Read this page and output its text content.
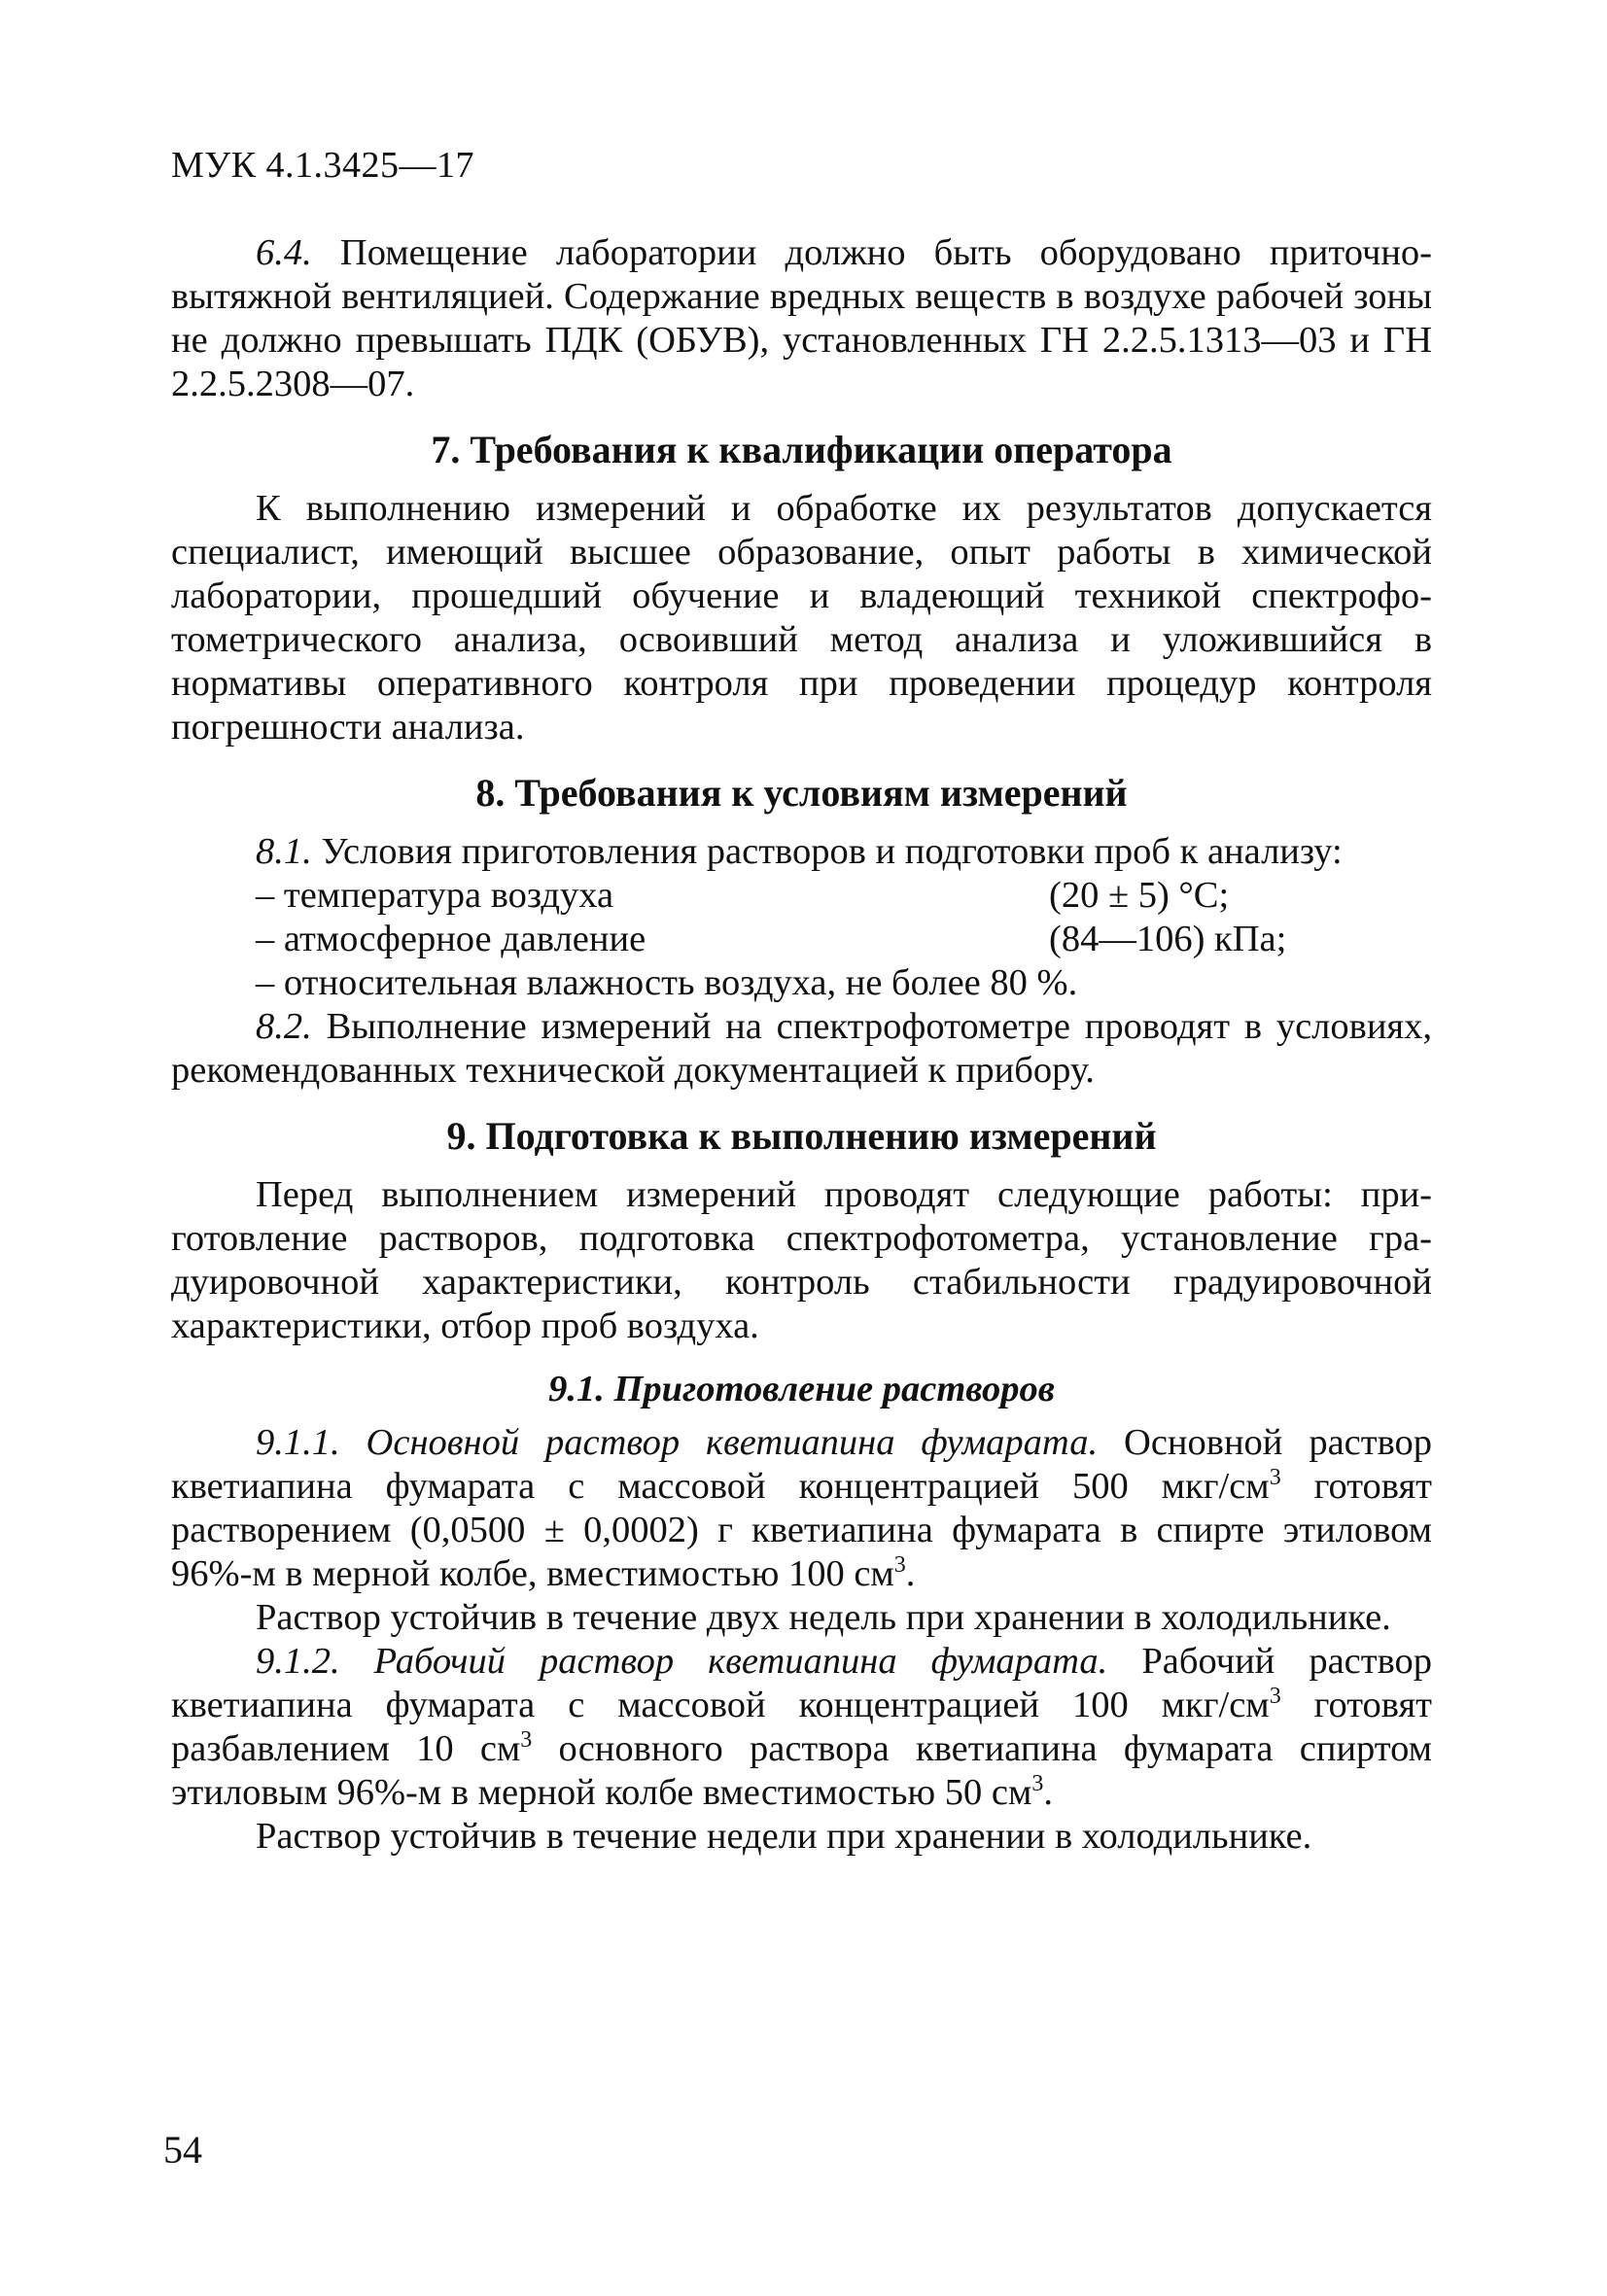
МУК 4.1.3425—17

6.4. Помещение лаборатории должно быть оборудовано приточно-вытяжной вентиляцией. Содержание вредных веществ в воздухе рабочей зоны не должно превышать ПДК (ОБУВ), установленных ГН 2.2.5.1313—03 и ГН 2.2.5.2308—07.

7. Требования к квалификации оператора

К выполнению измерений и обработке их результатов допускается специалист, имеющий высшее образование, опыт работы в химической лаборатории, прошедший обучение и владеющий техникой спектрофотометрического анализа, освоивший метод анализа и уложившийся в нормативы оперативного контроля при проведении процедур контроля погрешности анализа.

8. Требования к условиям измерений

8.1. Условия приготовления растворов и подготовки проб к анализу:

– температура воздуха	(20 ± 5) °С;
– атмосферное давление	(84—106) кПа;
– относительная влажность воздуха, не более
80 %.

8.2. Выполнение измерений на спектрофотометре проводят в условиях, рекомендованных технической документацией к прибору.

9. Подготовка к выполнению измерений

Перед выполнением измерений проводят следующие работы: приготовление растворов, подготовка спектрофотометра, установление градуировочной характеристики, контроль стабильности градуировочной характеристики, отбор проб воздуха.

9.1. Приготовление растворов

9.1.1. Основной раствор кветиапина фумарата. Основной раствор кветиапина фумарата с массовой концентрацией 500 мкг/$см^3$ готовят растворением (0,0500 ± 0,0002) г кветиапина фумарата в спирте этиловом 96%-м в мерной колбе, вместимостью 100 $см^3$.

Раствор устойчив в течение двух недель при хранении в холодильнике.

9.1.2. Рабочий раствор кветиапина фумарата. Рабочий раствор кветиапина фумарата с массовой концентрацией 100 мкг/$см^3$ готовят разбавлением 10 $см^3$ основного раствора кветиапина фумарата спиртом этиловым 96%-м в мерной колбе вместимостью 50 $см^3$.

Раствор устойчив в течение недели при хранении в холодильнике.

54
